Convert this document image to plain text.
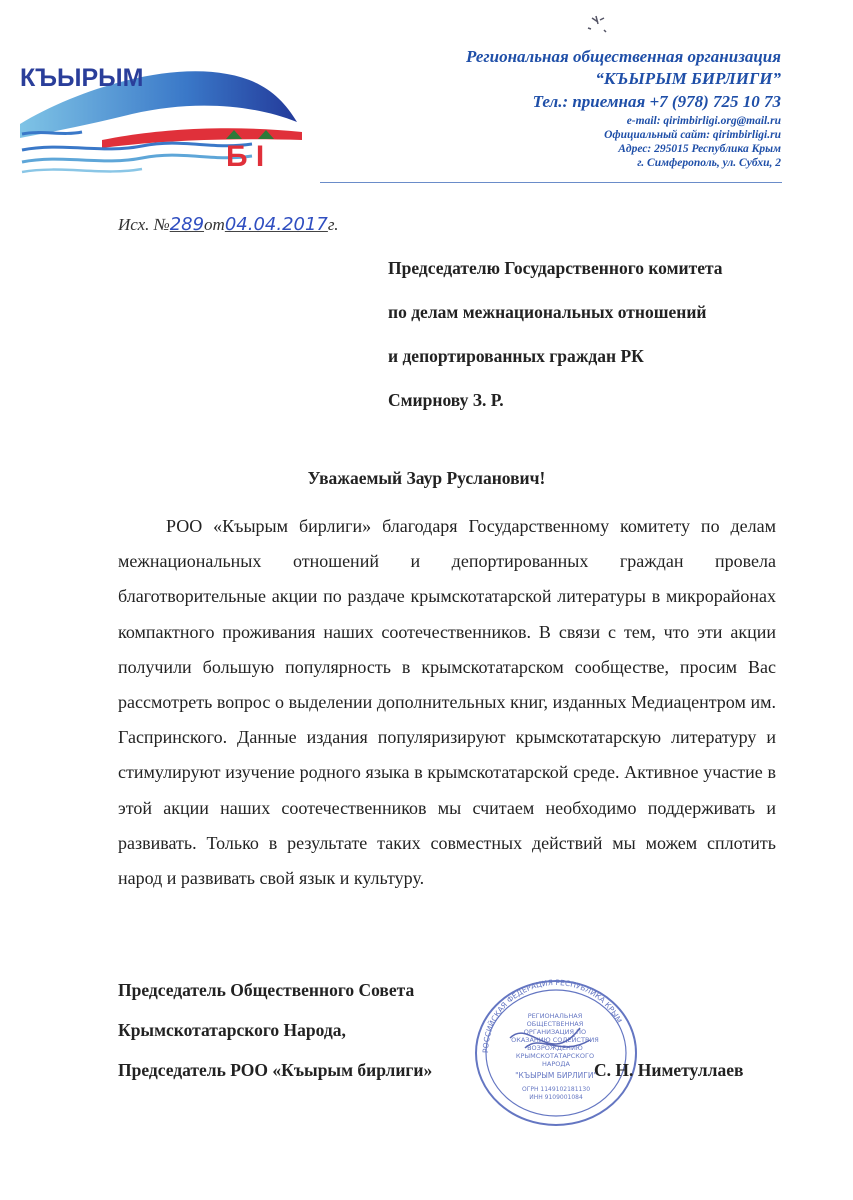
КЪЫРЫМ
Б I
Региональная общественная организация
“КЪЫРЫМ БИРЛИГИ”
Тел.: приемная +7 (978) 725 10 73
e-mail: qirimbirligi.org@mail.ru
Официальный сайт: qirimbirligi.ru
Адрес: 295015 Республика Крым
г. Симферополь, ул. Субхи, 2
Исх. №289от04.04.2017г.
Председателю Государственного комитета
по делам межнациональных отношений
и депортированных граждан РК
Смирнову З. Р.
Уважаемый Заур Русланович!

РОО «Къырым бирлиги» благодаря Государственному комитету по делам межнациональных отношений и депортированных граждан провела благотворительные акции по раздаче крымскотатарской литературы в микрорайонах компактного проживания наших соотечественников. В связи с тем, что эти акции получили большую популярность в крымскотатарском сообществе, просим Вас рассмотреть вопрос о выделении дополнительных книг, изданных Медиацентром им. Гаспринского. Данные издания популяризируют крымскотатарскую литературу и стимулируют изучение родного языка в крымскотатарской среде. Активное участие в этой акции наших соотечественников мы считаем необходимо поддерживать и развивать. Только в результате таких совместных действий мы можем сплотить народ и развивать свой язык и культуру.

Председатель Общественного Совета
Крымскотатарского Народа,
Председатель РОО «Къырым бирлиги»
РОССИЙСКАЯ ФЕДЕРАЦИЯ РЕСПУБЛИКА КРЫМ
РЕГИОНАЛЬНАЯ ОБЩЕСТВЕННАЯ ОРГАНИЗАЦИЯ ПО ОКАЗАНИЮ СОДЕЙСТВИЯ ВОЗРОЖДЕНИЮ КРЫМСКОТАТАРСКОГО НАРОДА
"КЪЫРЫМ БИРЛИГИ"
ОГРН 1149102181130
ИНН 9109001084
С. Н. Ниметуллаев
